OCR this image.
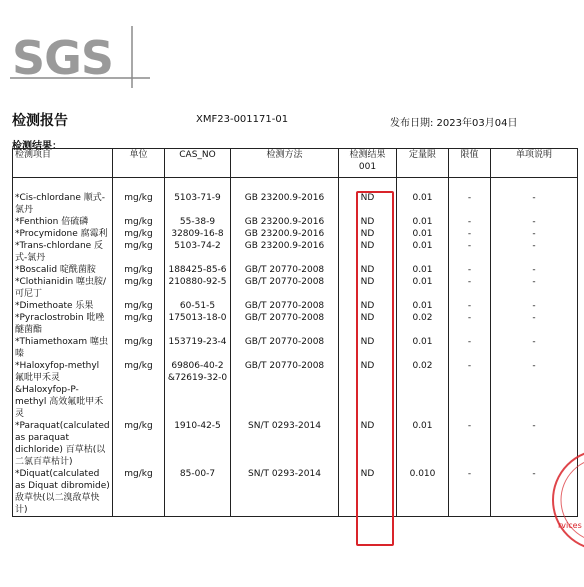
SGS
检测报告	XMF23-001171-01	发布日期: 2023年03月04日
检测结果：
检测项目	单位	CAS_NO	检测方法	检测结果 001	定量限	限值	单项说明
*Cis-chlordane 顺式-氯丹	mg/kg	5103-71-9	GB 23200.9-2016	ND	0.01	-	-
*Fenthion 倍硫磷	mg/kg	55-38-9	GB 23200.9-2016	ND	0.01	-	-
*Procymidone 腐霉利	mg/kg	32809-16-8	GB 23200.9-2016	ND	0.01	-	-
*Trans-chlordane 反式-氯丹	mg/kg	5103-74-2	GB 23200.9-2016	ND	0.01	-	-
*Boscalid 啶酰菌胺	mg/kg	188425-85-6	GB/T 20770-2008	ND	0.01	-	-
*Clothianidin 噻虫胺/可尼丁	mg/kg	210880-92-5	GB/T 20770-2008	ND	0.01	-	-
*Dimethoate 乐果	mg/kg	60-51-5	GB/T 20770-2008	ND	0.01	-	-
*Pyraclostrobin 吡唑醚菌酯	mg/kg	175013-18-0	GB/T 20770-2008	ND	0.02	-	-
*Thiamethoxam 噻虫嗪	mg/kg	153719-23-4	GB/T 20770-2008	ND	0.01	-	-
*Haloxyfop-methyl 氟吡甲禾灵&Haloxyfop-P-methyl 高效氟吡甲禾灵	mg/kg	69806-40-2 &72619-32-0	GB/T 20770-2008	ND	0.02	-	-
*Paraquat(calculated as paraquat dichloride) 百草枯(以二氯百草枯计)	mg/kg	1910-42-5	SN/T 0293-2014	ND	0.01	-	-
*Diquat(calculated as Diquat dibromide) 敌草快(以二溴敌草快计)	mg/kg	85-00-7	SN/T 0293-2014	ND	0.010	-	-
rvices
